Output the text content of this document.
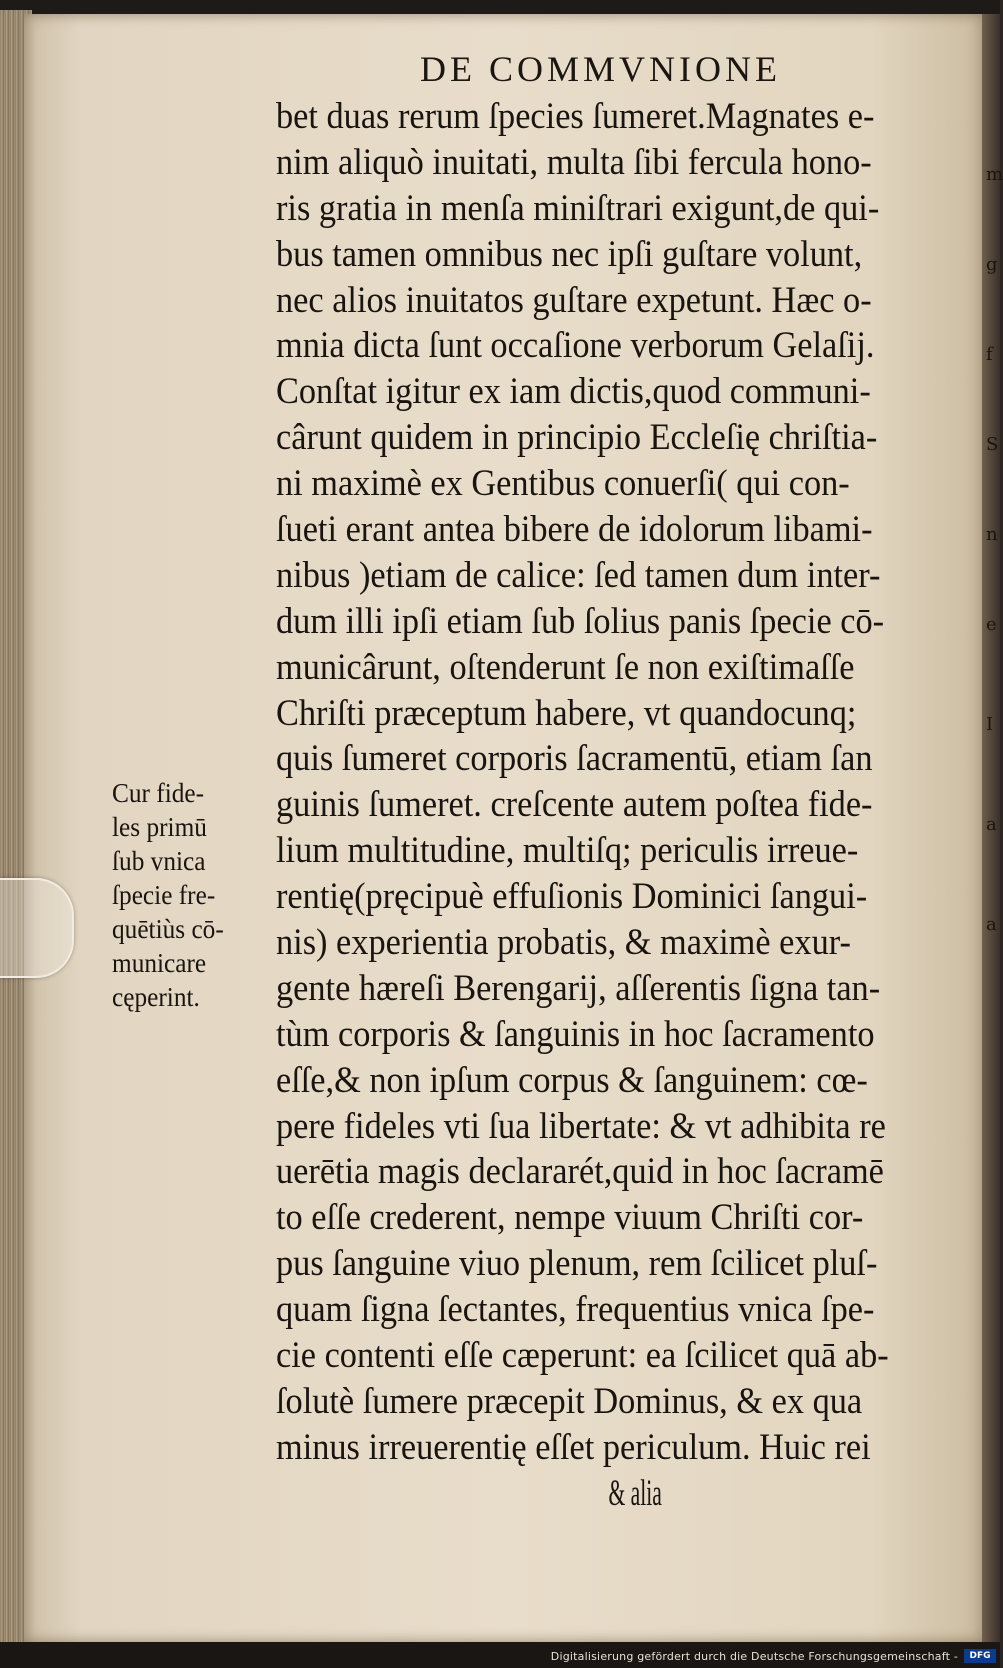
m
g
f
S
n
e
I
a
a
DE COMMVNIONE
Cur fide-
les primū
ſub vnica
ſpecie fre-
quētiùs cō-
municare
cęperint.
bet duas rerum ſpecies ſumeret.Magnates e-
nim aliquò inuitati, multa ſibi fercula hono-
ris gratia in menſa miniſtrari exigunt,de qui-
bus tamen omnibus nec ipſi guſtare volunt,
nec alios inuitatos guſtare expetunt. Hæc o-
mnia dicta ſunt occaſione verborum Gelaſij.
Conſtat igitur ex iam dictis,quod communi-
cârunt quidem in principio Eccleſię chriſtia-
ni maximè ex Gentibus conuerſi( qui con-
ſueti erant antea bibere de idolorum libami-
nibus )etiam de calice: ſed tamen dum inter-
dum illi ipſi etiam ſub ſolius panis ſpecie cō-
municârunt, oſtenderunt ſe non exiſtimaſſe
Chriſti præceptum habere, vt quandocunq;
quis ſumeret corporis ſacramentū, etiam ſan
guinis ſumeret. creſcente autem poſtea fide-
lium multitudine, multiſq; periculis irreue-
rentię(pręcipuè effuſionis Dominici ſangui-
nis) experientia probatis, & maximè exur-
gente hæreſi Berengarij, aſſerentis ſigna tan-
tùm corporis & ſanguinis in hoc ſacramento
eſſe,& non ipſum corpus & ſanguinem: cœ-
pere fideles vti ſua libertate: & vt adhibita re
uerētia magis declararét,quid in hoc ſacramē
to eſſe crederent, nempe viuum Chriſti cor-
pus ſanguine viuo plenum, rem ſcilicet pluſ-
quam ſigna ſectantes, frequentius vnica ſpe-
cie contenti eſſe cæperunt: ea ſcilicet quā ab-
ſolutè ſumere præcepit Dominus, & ex qua
minus irreuerentię eſſet periculum. Huic rei
& alia
Digitalisierung gefördert durch die Deutsche Forschungsgemeinschaft -	DFG
